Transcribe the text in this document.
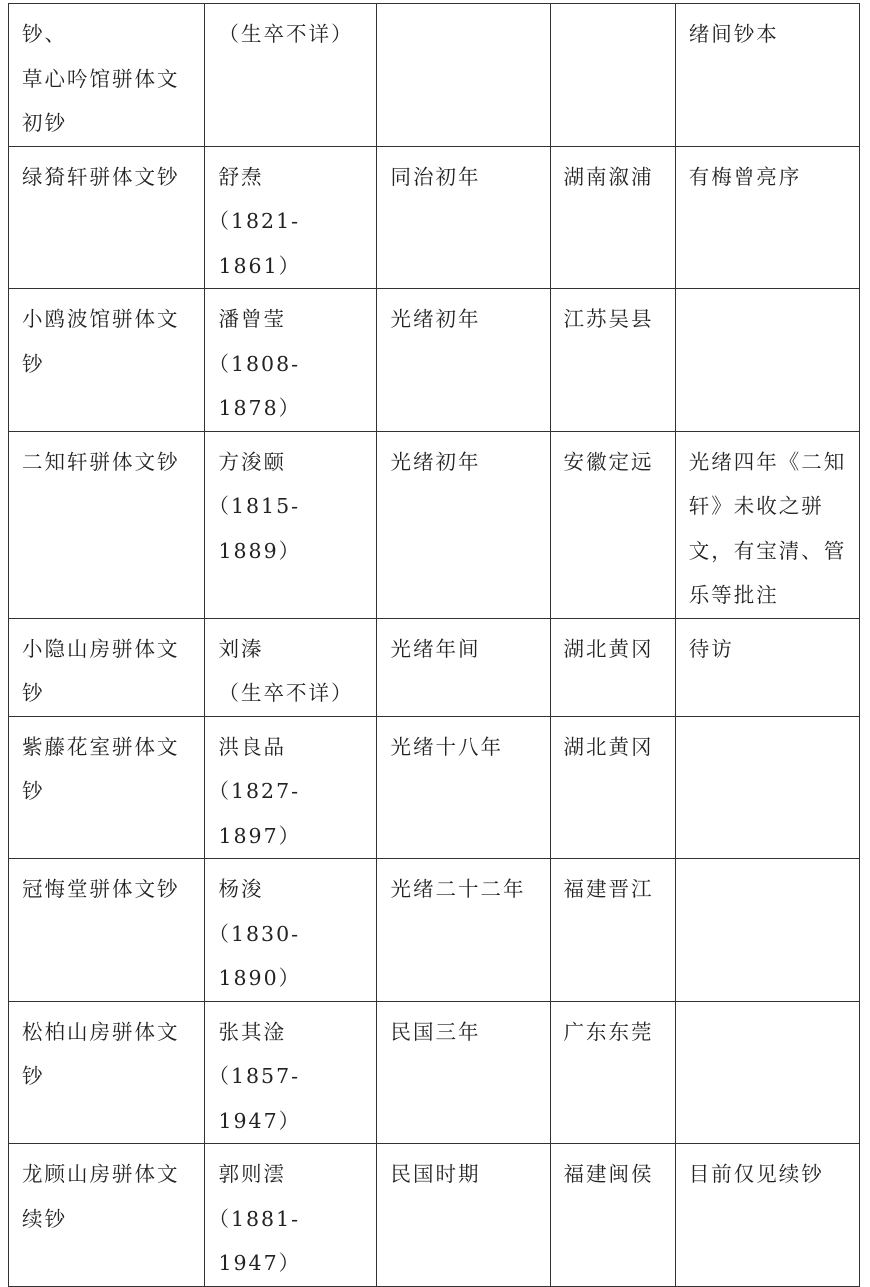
钞、
草心吟馆骈体文
初钞	（生卒不详）			绪间钞本

绿猗轩骈体文钞	舒焘
（1821-
1861）	同治初年	湖南溆浦	有梅曾亮序

小鸥波馆骈体文
钞	潘曾莹
（1808-
1878）	光绪初年	江苏吴县	

二知轩骈体文钞	方浚颐
（1815-
1889）	光绪初年	安徽定远	光绪四年《二知轩》未收之骈文，有宝清、管乐等批注

小隐山房骈体文
钞	刘溱
（生卒不详）	光绪年间	湖北黄冈	待访

紫藤花室骈体文
钞	洪良品
（1827-
1897）	光绪十八年	湖北黄冈	

冠悔堂骈体文钞	杨浚
（1830-
1890）	光绪二十二年	福建晋江	

松柏山房骈体文
钞	张其淦
（1857-
1947）	民国三年	广东东莞	

龙顾山房骈体文
续钞	郭则澐
（1881-
1947）	民国时期	福建闽侯	目前仅见续钞
